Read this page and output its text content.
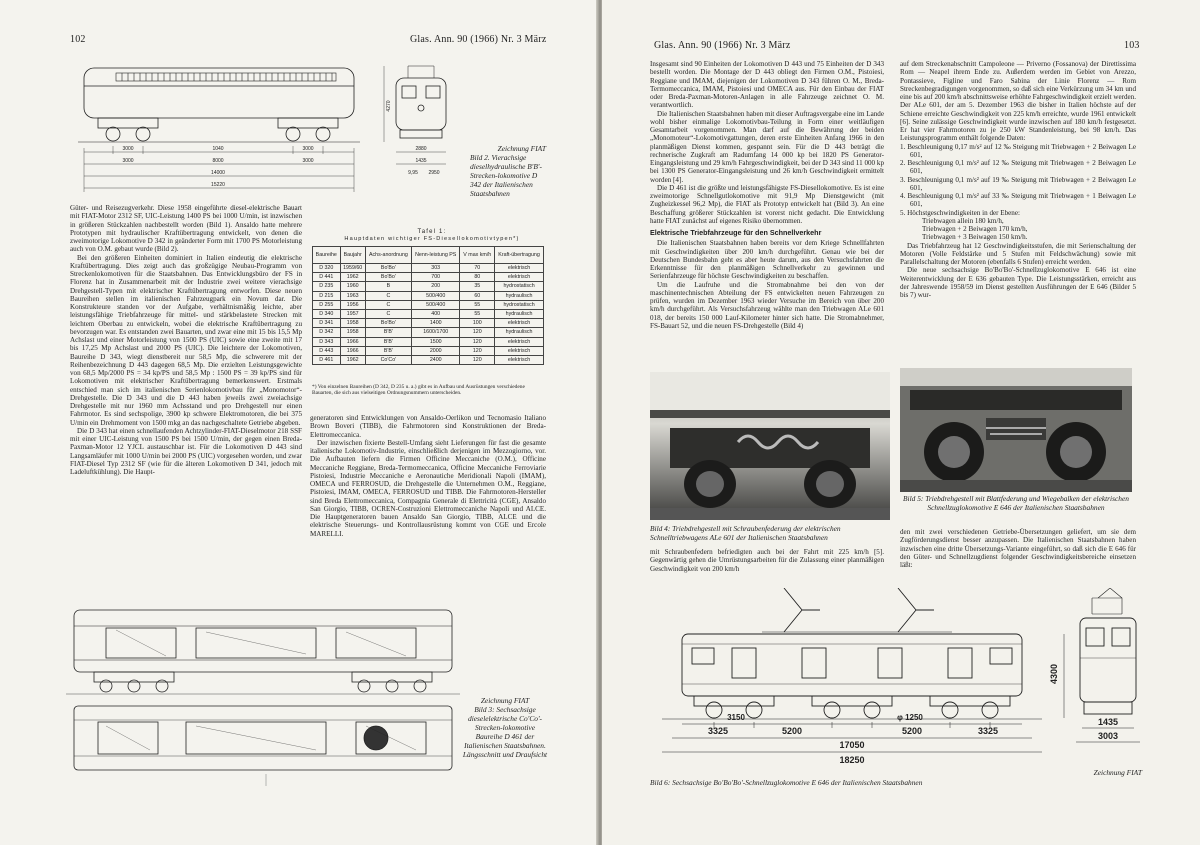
102	Glas. Ann. 90 (1966) Nr. 3 März
3000	1040	3000
3000	8000	3000
14000
15220
2880
1435
9,95
4270
2950
Zeichnung FIAT
Bild 2. Vierachsige dieselhydraulische B'B'-Strecken-lokomotive D 342 der Italienischen Staatsbahnen

Güter- und Reisezugverkehr. Diese 1958 eingeführte diesel-elektrische Bauart mit FIAT-Motor 2312 SF, UIC-Leistung 1400 PS bei 1000 U/min, ist inzwischen in größeren Stückzahlen nachbestellt worden (Bild 1). Ansaldo hatte mehrere Prototypen mit hydraulischer Kraftübertragung entwickelt, von denen die zweimotorige Lokomotive D 342 in geänderter Form mit 1700 PS Motorleistung auch von O.M. gebaut wurde (Bild 2).

Bei den größeren Einheiten dominiert in Italien eindeutig die elektrische Kraftübertragung. Dies zeigt auch das großzügige Neubau-Programm von Streckenlokomotiven für die Staatsbahnen. Das Entwicklungsbüro der FS in Florenz hat in Zusammenarbeit mit der Industrie zwei weitere vierachsige Drehgestell-Typen mit elektrischer Kraftübertragung entworfen. Diese neuen Baureihen stellen im italienischen Fahrzeugpark ein Novum dar. Die Konstrukteure standen vor der Aufgabe, verhältnismäßig leichte, aber leistungsfähige Triebfahrzeuge für mittel- und stärkbelastete Strecken mit leichtem Oberbau zu entwickeln, wobei die elektrische Kraftübertragung zu bevorzugen war. Es entstanden zwei Bauarten, und zwar eine mit 15 bis 15,5 Mp Achslast und einer Motorleistung von 1500 PS (UIC) sowie eine zweite mit 17 bis 17,25 Mp Achslast und 2000 PS (UIC). Die leichtere der Lokomotiven, Baureihe D 343, wiegt dienstbereit nur 58,5 Mp, die schwerere mit der Reihenbezeichnung D 443 dagegen 68,5 Mp. Die erzielten Leistungsgewichte von 68,5 Mp/2000 PS = 34 kp/PS und 58,5 Mp : 1500 PS = 39 kp/PS sind für Lokomotiven mit elektrischer Kraftübertragung bemerkenswert. Erstmals entschied man sich im italienischen Serienlokomotivbau für „Monomotor“-Drehgestelle. Die D 343 und die D 443 haben jeweils zwei zweiachsige Drehgestelle mit nur 1960 mm Achsstand und pro Drehgestell nur einen Fahrmotor. Es sind sechspolige, 3900 kp schwere Elektromotoren, die bei 375 U/min ein Drehmoment von 1500 mkg an das nachgeschaltete Getriebe abgeben.

Die D 343 hat einen schnellaufenden Achtzylinder-FIAT-Dieselmotor 218 SSF mit einer UIC-Leistung von 1500 PS bei 1500 U/min, der gegen einen Breda-Paxman-Motor 12 YJCL austauschbar ist. Für die Lokomotiven D 443 sind Langsamläufer mit 1000 U/min bei 2000 PS (UIC) vorgesehen worden, und zwar FIAT-Diesel Typ 2312 SF (wie für die älteren Lokomotiven D 341, jedoch mit Ladeluftkühlung). Die Haupt-

Tafel 1:
Hauptdaten wichtiger FS-Diesellokomotivtypen*)
Baureihe	Baujahr	Achs-anordnung	Nenn-leistung PS	V max km/h	Kraft-übertragung
D 320	1959/60	Bo'Bo'	303	70	elektrisch
D 441	1962	Bo'Bo'	700	80	elektrisch
D 235	1960	B	200	35	hydrostatisch
D 215	1963	C	500/400	60	hydraulisch
D 255	1956	C	500/400	55	hydrostatisch
D 340	1957	C	400	55	hydraulisch
D 341	1958	Bo'Bo'	1400	100	elektrisch
D 342	1958	B'B'	1600/1700	120	hydraulisch
D 343	1966	B'B'	1500	120	elektrisch
D 443	1966	B'B'	2000	120	elektrisch
D 461	1962	Co'Co'	2400	120	elektrisch
*) Von einzelnen Baureihen (D 342, D 235 u. a.) gibt es in Aufbau und Ausrüstungen verschiedene Bauarten, die sich aus vielseitigen Ordnungsnummern unterscheiden.

generatoren sind Entwicklungen von Ansaldo-Oerlikon und Tecnomasio Italiano Brown Boveri (TIBB), die Fahrmotoren sind Konstruktionen der Breda-Elettromeccanica.

Der inzwischen fixierte Bestell-Umfang sieht Lieferungen für fast die gesamte italienische Lokomotiv-Industrie, einschließlich derjenigen im Mezzogiorno, vor. Die Aufbauten liefern die Firmen Officine Meccaniche (O.M.), Officine Meccaniche Reggiane, Breda-Termomeccanica, Officine Meccaniche Ferroviarie Pistoiesi, Industrie Meccaniche e Aeronautiche Meridionali Napoli (IMAM), OMECA und FERROSUD, die Drehgestelle die Unternehmen O.M., Reggiane, Pistoiesi, IMAM, OMECA, FERROSUD und TIBB. Die Fahrmotoren-Hersteller sind Breda Elettromeccanica, Compagnia Generale di Elettricità (CGE), Ansaldo San Giorgio, TIBB, OCREN-Costruzioni Elettromeccaniche Napoli und ALCE. Die Hauptgeneratoren bauen Ansaldo San Giorgio, TIBB, ALCE und die elektrische Steuerungs- und Kontrollausrüstung kommt von CGE und Ercole MARELLI.

Zeichnung FIAT
Bild 3: Sechsachsige dieselelektrische Co'Co'-Strecken-lokomotive Baureihe D 461 der Italienischen Staatsbahnen. Längsschnitt und Draufsicht
Glas. Ann. 90 (1966) Nr. 3 März	103

Insgesamt sind 90 Einheiten der Lokomotiven D 443 und 75 Einheiten der D 343 bestellt worden. Die Montage der D 443 obliegt den Firmen O.M., Pistoiesi, Reggiane und IMAM, diejenigen der Lokomotiven D 343 führen O. M., Breda-Termomeccanica, IMAM, Pistoiesi und OMECA aus. Für den Einbau der FIAT oder Breda-Paxman-Motoren-Anlagen in alle Fahrzeuge zeichnet O. M. verantwortlich.

Die Italienischen Staatsbahnen haben mit dieser Auftragsvergabe eine im Lande wohl bisher einmalige Lokomotivbau-Teilung in Form einer weitläufigen Gesamtarbeit vorgenommen. Man darf auf die Bewährung der beiden „Monomoteur“-Lokomotivgattungen, deren erste Einheiten Anfang 1966 in den planmäßigen Dienst kommen, gespannt sein. Für die D 443 beträgt die rechnerische Zugkraft am Radumfang 14 000 kp bei 1820 PS Generator-Eingangsleistung und 29 km/h Fahrgeschwindigkeit, bei der D 343 sind 11 000 kp bei 1300 PS Generator-Eingangsleistung und 26 km/h Geschwindigkeit ermittelt worden [4].

Die D 461 ist die größte und leistungsfähigste FS-Diesellokomotive. Es ist eine zweimotorige Schnellgutlokomotive mit 91,9 Mp Dienstgewicht (mit Zugheizkessel 96,2 Mp), die FIAT als Prototyp entwickelt hat (Bild 3). An eine Beschaffung größerer Stückzahlen ist vorerst nicht gedacht. Die Entwicklung hatte FIAT zunächst auf eigenes Risiko übernommen.

Elektrische Triebfahrzeuge für den Schnellverkehr

Die Italienischen Staatsbahnen haben bereits vor dem Kriege Schnellfahrten mit Geschwindigkeiten über 200 km/h durchgeführt. Genau wie bei der Deutschen Bundesbahn geht es aber heute darum, aus den Versuchsfahrten die Erkenntnisse für den planmäßigen Schnellverkehr zu gewinnen und Serienfahrzeuge für höchste Geschwindigkeiten zu beschaffen.

Um die Laufruhe und die Stromabnahme bei den von der maschinentechnischen Abteilung der FS entwickelten neuen Fahrzeugen zu prüfen, wurden im Dezember 1963 wieder Versuche im Bereich von über 200 km/h durchgeführt. Als Versuchsfahrzeug wählte man den Triebwagen ALe 601 018, der bereits 150 000 Lauf-Kilometer hinter sich hatte. Die Stromabnehmer, FS-Bauart 52, und die neuen FS-Drehgestelle (Bild 4)

Bild 4: Triebdrehgestell mit Schraubenfederung der elektrischen Schnelltriebwagens ALe 601 der Italienischen Staatsbahnen

mit Schraubenfedern befriedigten auch bei der Fahrt mit 225 km/h [5]. Gegenwärtig gehen die Umrüstungsarbeiten für die Zulassung einer planmäßigen Geschwindigkeit von 200 km/h

auf dem Streckenabschnitt Campoleone — Priverno (Fossanova) der Direttissima Rom — Neapel ihrem Ende zu. Außerdem werden im Gebiet von Arezzo, Pontassieve, Figline und Faro Sabina der Linie Florenz — Rom Streckenbegradigungen vorgenommen, so daß sich eine Verkürzung um 34 km und eine bis auf 200 km/h abschnittsweise erhöhte Fahrgeschwindigkeit erzielt werden. Der ALe 601, der am 5. Dezember 1963 die bisher in Italien höchste auf der Schiene erreichte Geschwindigkeit von 225 km/h erreichte, wurde 1961 entwickelt [6]. Seine zulässige Geschwindigkeit wurde inzwischen auf 180 km/h festgesetzt. Er hat vier Fahrmotoren zu je 250 kW Standenleistung, bei 98 km/h. Das Leistungsprogramm enthält folgende Daten:

1. Beschleunigung 0,17 m/s² auf 12 ‰ Steigung mit Triebwagen + 2 Beiwagen Le 601,
2. Beschleunigung 0,1 m/s² auf 12 ‰ Steigung mit Triebwagen + 2 Beiwagen Le 601,
3. Beschleunigung 0,1 m/s² auf 19 ‰ Steigung mit Triebwagen + 2 Beiwagen Le 601,
4. Beschleunigung 0,1 m/s² auf 33 ‰ Steigung mit Triebwagen + 1 Beiwagen Le 601,
5. Höchstgeschwindigkeiten in der Ebene:
Triebwagen allein 180 km/h,
Triebwagen + 2 Beiwagen 170 km/h,
Triebwagen + 3 Beiwagen 150 km/h.

Das Triebfahrzeug hat 12 Geschwindigkeitsstufen, die mit Serienschaltung der Motoren (Volle Feldstärke und 5 Stufen mit Feldschwächung) sowie mit Parallelschaltung der Motoren (ebenfalls 6 Stufen) erreicht werden.

Die neue sechsachsige Bo'Bo'Bo'-Schnellzuglokomotive E 646 ist eine Weiterentwicklung der E 636 gebauten Type. Die Leistungsstärken, erreicht aus der Jahreswende 1958/59 im Dienst gestellten Ausführungen der E 646 (Bilder 5 bis 7) wur-

Bild 5: Triebdrehgestell mit Blattfederung und Wiegebalken der elektrischen Schnellzuglokomotive E 646 der Italienischen Staatsbahnen

den mit zwei verschiedenen Getriebe-Übersetzungen geliefert, um sie dem Zugförderungsdienst besser anzupassen. Die Italienischen Staatsbahnen haben inzwischen eine dritte Übersetzungs-Variante eingeführt, so daß sich die E 646 für den Güter- und Schnellzugdienst folgender Geschwindigkeitsbereiche einsetzen läßt:

3325
3150
5200
φ 1250
5200	3325
17050
18250
4300
1435
3003
Zeichnung FIAT
Bild 6: Sechsachsige Bo'Bo'Bo'-Schnellzuglokomotive E 646 der Italienischen Staatsbahnen
